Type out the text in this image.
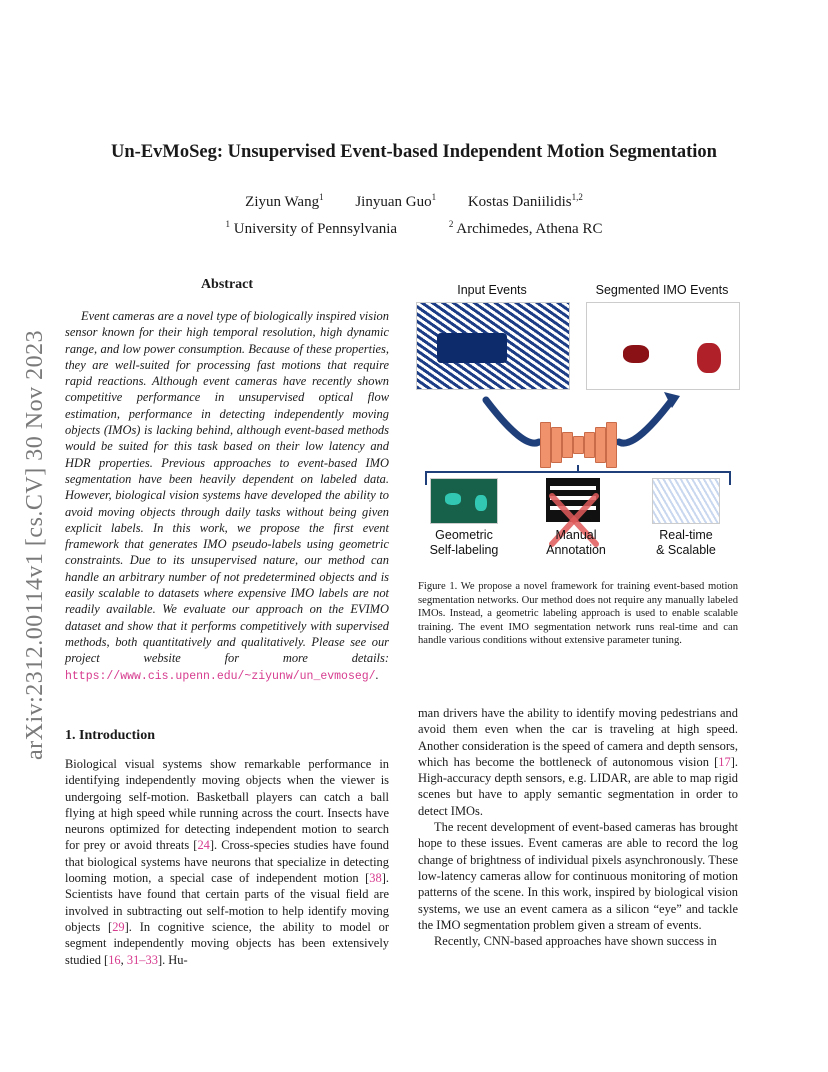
arXiv:2312.00114v1 [cs.CV] 30 Nov 2023
Un-EvMoSeg: Unsupervised Event-based Independent Motion Segmentation
Ziyun Wang$^1$ Jinyuan Guo$^1$ Kostas Daniilidis$^{1,2}$
$^1$ University of Pennsylvania	$^2$ Archimedes, Athena RC
Abstract

Event cameras are a novel type of biologically inspired vision sensor known for their high temporal resolution, high dynamic range, and low power consumption. Because of these properties, they are well-suited for processing fast motions that require rapid reactions. Although event cameras have recently shown competitive performance in unsupervised optical flow estimation, performance in detecting independently moving objects (IMOs) is lacking behind, although event-based methods would be suited for this task based on their low latency and HDR properties. Previous approaches to event-based IMO segmentation have been heavily dependent on labeled data. However, biological vision systems have developed the ability to avoid moving objects through daily tasks without being given explicit labels. In this work, we propose the first event framework that generates IMO pseudo-labels using geometric constraints. Due to its unsupervised nature, our method can handle an arbitrary number of not predetermined objects and is easily scalable to datasets where expensive IMO labels are not readily available. We evaluate our approach on the EVIMO dataset and show that it performs competitively with supervised methods, both quantitatively and qualitatively. Please see our project website for more details: https://www.cis.upenn.edu/~ziyunw/un_evmoseg/.

1. Introduction

Biological visual systems show remarkable performance in identifying independently moving objects when the viewer is undergoing self-motion. Basketball players can catch a ball flying at high speed while running across the court. Insects have neurons optimized for detecting independent motion to search for prey or avoid threats [24]. Cross-species studies have found that biological systems have neurons that specialize in detecting looming motion, a special case of independent motion [38]. Scientists have found that certain parts of the visual field are involved in subtracting out self-motion to help identify moving objects [29]. In cognitive science, the ability to model or segment independently moving objects has been extensively studied [16, 31–33]. Hu-

Input Events	Segmented IMO Events
Geometric
Self-labeling
Manual
Annotation
Real-time
& Scalable
Figure 1. We propose a novel framework for training event-based motion segmentation networks. Our method does not require any manually labeled IMOs. Instead, a geometric labeling approach is used to enable scalable training. The event IMO segmentation network runs real-time and can handle various conditions without extensive parameter tuning.

man drivers have the ability to identify moving pedestrians and avoid them even when the car is traveling at high speed. Another consideration is the speed of camera and depth sensors, which has become the bottleneck of autonomous vision [17]. High-accuracy depth sensors, e.g. LIDAR, are able to map rigid scenes but have to apply semantic segmentation in order to detect IMOs.

The recent development of event-based cameras has brought hope to these issues. Event cameras are able to record the log change of brightness of individual pixels asynchronously. These low-latency cameras allow for continuous monitoring of motion patterns of the scene. In this work, inspired by biological vision systems, we use an event camera as a silicon “eye” and tackle the IMO segmentation problem given a stream of events.

Recently, CNN-based approaches have shown success in
